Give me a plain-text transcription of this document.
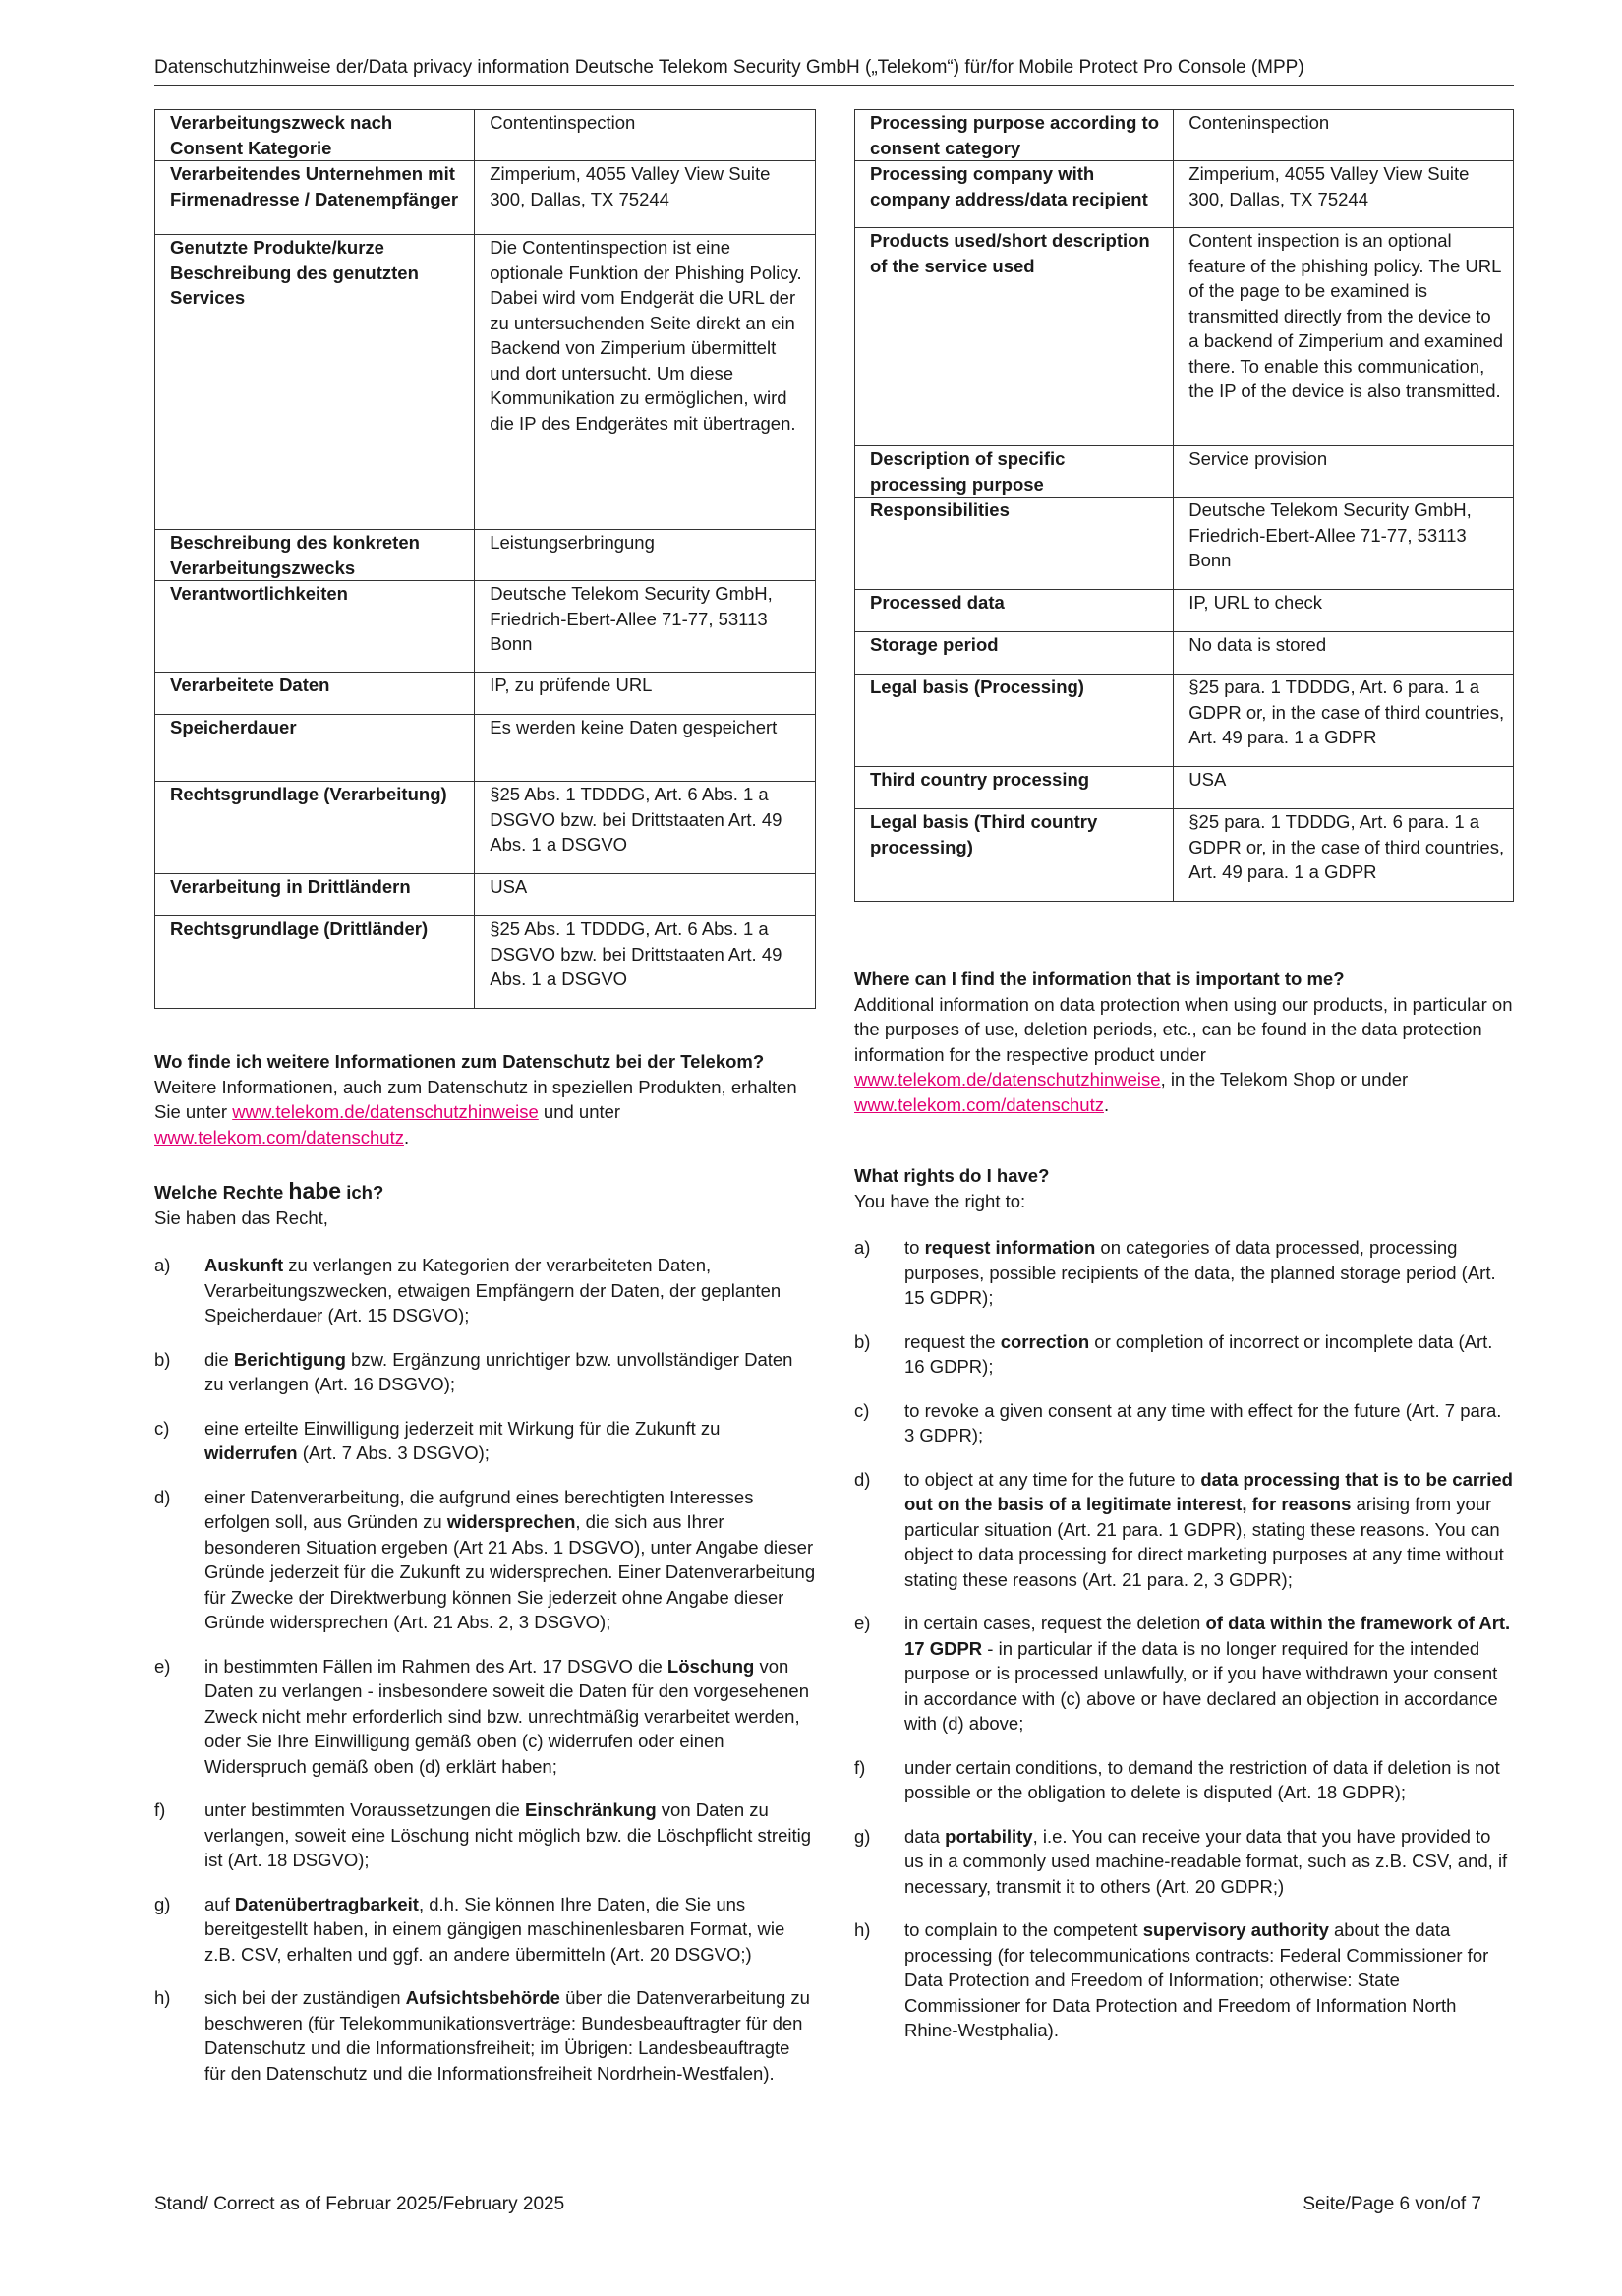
Datenschutzhinweise der/Data privacy information Deutsche Telekom Security GmbH („Telekom“) für/for Mobile Protect Pro Console (MPP)
Verarbeitungszweck nach Consent Kategorie	Contentinspection
Verarbeitendes Unternehmen mit Firmenadresse / Datenempfänger	Zimperium, 4055 Valley View Suite 300, Dallas, TX 75244
Genutzte Produkte/kurze Beschreibung des genutzten Services	Die Contentinspection ist eine optionale Funktion der Phishing Policy. Dabei wird vom Endgerät die URL der zu untersuchenden Seite direkt an ein Backend von Zimperium übermittelt und dort untersucht. Um diese Kommunikation zu ermöglichen, wird die IP des Endgerätes mit übertragen.
Beschreibung des konkreten Verarbeitungszwecks	Leistungserbringung
Verantwortlichkeiten	Deutsche Telekom Security GmbH, Friedrich-Ebert-Allee 71-77, 53113 Bonn
Verarbeitete Daten	IP, zu prüfende URL
Speicherdauer	Es werden keine Daten gespeichert
Rechtsgrundlage (Verarbeitung)	§25 Abs. 1 TDDDG, Art. 6 Abs. 1 a DSGVO bzw. bei Drittstaaten Art. 49 Abs. 1 a DSGVO
Verarbeitung in Drittländern	USA
Rechtsgrundlage (Drittländer)	§25 Abs. 1 TDDDG, Art. 6 Abs. 1 a DSGVO bzw. bei Drittstaaten Art. 49 Abs. 1 a DSGVO
Wo finde ich weitere Informationen zum Datenschutz bei der Telekom?

Weitere Informationen, auch zum Datenschutz in speziellen Produkten, erhalten Sie unter www.telekom.de/datenschutzhinweise und unter www.telekom.com/datenschutz.

Welche Rechte habe ich?

Sie haben das Recht,

a) Auskunft zu verlangen zu Kategorien der verarbeiteten Daten, Verarbeitungszwecken, etwaigen Empfängern der Daten, der geplanten Speicherdauer (Art. 15 DSGVO);
b) die Berichtigung bzw. Ergänzung unrichtiger bzw. unvollständiger Daten zu verlangen (Art. 16 DSGVO);
c) eine erteilte Einwilligung jederzeit mit Wirkung für die Zukunft zu widerrufen (Art. 7 Abs. 3 DSGVO);
d) einer Datenverarbeitung, die aufgrund eines berechtigten Interesses erfolgen soll, aus Gründen zu widersprechen, die sich aus Ihrer besonderen Situation ergeben (Art 21 Abs. 1 DSGVO), unter Angabe dieser Gründe jederzeit für die Zukunft zu widersprechen. Einer Datenverarbeitung für Zwecke der Direktwerbung können Sie jederzeit ohne Angabe dieser Gründe widersprechen (Art. 21 Abs. 2, 3 DSGVO);
e) in bestimmten Fällen im Rahmen des Art. 17 DSGVO die Löschung von Daten zu verlangen - insbesondere soweit die Daten für den vorgesehenen Zweck nicht mehr erforderlich sind bzw. unrechtmäßig verarbeitet werden, oder Sie Ihre Einwilligung gemäß oben (c) widerrufen oder einen Widerspruch gemäß oben (d) erklärt haben;
f) unter bestimmten Voraussetzungen die Einschränkung von Daten zu verlangen, soweit eine Löschung nicht möglich bzw. die Löschpflicht streitig ist (Art. 18 DSGVO);
g) auf Datenübertragbarkeit, d.h. Sie können Ihre Daten, die Sie uns bereitgestellt haben, in einem gängigen maschinenlesbaren Format, wie z.B. CSV, erhalten und ggf. an andere übermitteln (Art. 20 DSGVO;)
h) sich bei der zuständigen Aufsichtsbehörde über die Datenverarbeitung zu beschweren (für Telekommunikationsverträge: Bundesbeauftragter für den Datenschutz und die Informationsfreiheit; im Übrigen: Landesbeauftragte für den Datenschutz und die Informationsfreiheit Nordrhein-Westfalen).
Processing purpose according to consent category	Conteninspection
Processing company with company address/data recipient	Zimperium, 4055 Valley View Suite 300, Dallas, TX 75244
Products used/short description of the service used	Content inspection is an optional feature of the phishing policy. The URL of the page to be examined is transmitted directly from the device to a backend of Zimperium and examined there. To enable this communication, the IP of the device is also transmitted.
Description of specific processing purpose	Service provision
Responsibilities	Deutsche Telekom Security GmbH, Friedrich-Ebert-Allee 71-77, 53113 Bonn
Processed data	IP, URL to check
Storage period	No data is stored
Legal basis (Processing)	§25 para. 1 TDDDG, Art. 6 para. 1 a GDPR or, in the case of third countries, Art. 49 para. 1 a GDPR
Third country processing	USA
Legal basis (Third country processing)	§25 para. 1 TDDDG, Art. 6 para. 1 a GDPR or, in the case of third countries, Art. 49 para. 1 a GDPR
Where can I find the information that is important to me?

Additional information on data protection when using our products, in particular on the purposes of use, deletion periods, etc., can be found in the data protection information for the respective product under www.telekom.de/datenschutzhinweise, in the Telekom Shop or under www.telekom.com/datenschutz.

What rights do I have?

You have the right to:

a) to request information on categories of data processed, processing purposes, possible recipients of the data, the planned storage period (Art. 15 GDPR);
b) request the correction or completion of incorrect or incomplete data (Art. 16 GDPR);
c) to revoke a given consent at any time with effect for the future (Art. 7 para. 3 GDPR);
d) to object at any time for the future to data processing that is to be carried out on the basis of a legitimate interest, for reasons arising from your particular situation (Art. 21 para. 1 GDPR), stating these reasons. You can object to data processing for direct marketing purposes at any time without stating these reasons (Art. 21 para. 2, 3 GDPR);
e) in certain cases, request the deletion of data within the framework of Art. 17 GDPR - in particular if the data is no longer required for the intended purpose or is processed unlawfully, or if you have withdrawn your consent in accordance with (c) above or have declared an objection in accordance with (d) above;
f) under certain conditions, to demand the restriction of data if deletion is not possible or the obligation to delete is disputed (Art. 18 GDPR);
g) data portability, i.e. You can receive your data that you have provided to us in a commonly used machine-readable format, such as z.B. CSV, and, if necessary, transmit it to others (Art. 20 GDPR;)
h) to complain to the competent supervisory authority about the data processing (for telecommunications contracts: Federal Commissioner for Data Protection and Freedom of Information; otherwise: State Commissioner for Data Protection and Freedom of Information North Rhine-Westphalia).
Stand/ Correct as of Februar 2025/February 2025	Seite/Page 6 von/of 7
